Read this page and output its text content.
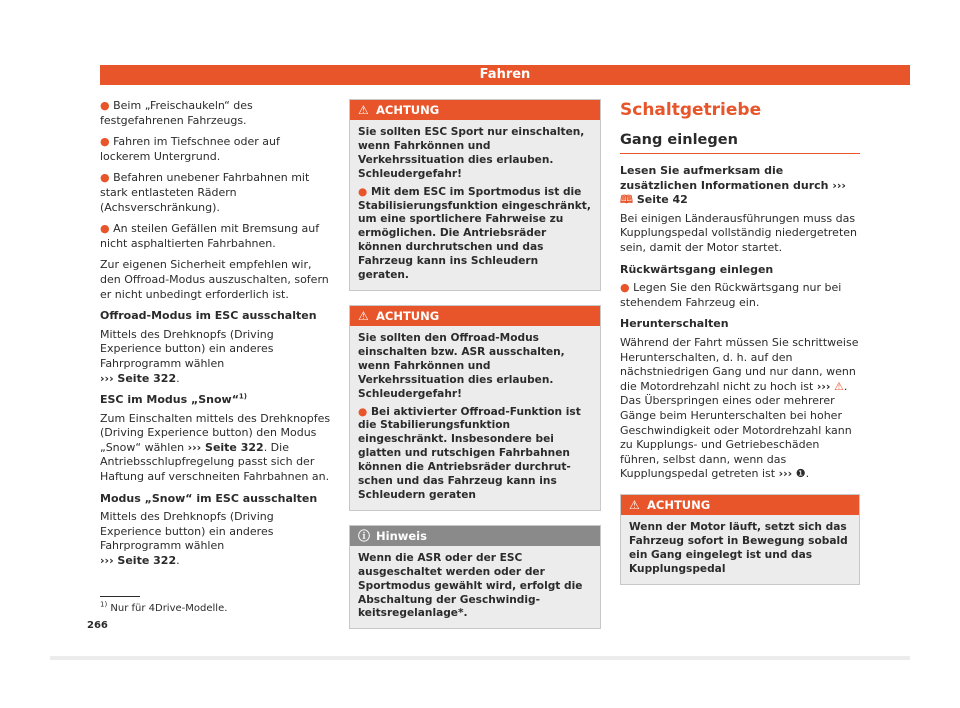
Fahren

● Beim „Freischaukeln“ des festgefahrenen Fahrzeugs.

● Fahren im Tiefschnee oder auf lockerem Untergrund.

● Befahren unebener Fahrbahnen mit stark entlasteten Rädern (Achsverschränkung).

● An steilen Gefällen mit Bremsung auf nicht asphaltierten Fahrbahnen.

Zur eigenen Sicherheit empfehlen wir, den Offroad-Modus auszuschalten, sofern er nicht unbedingt erforderlich ist.

Offroad-Modus im ESC ausschalten

Mittels des Drehknopfs (Driving Experience button) ein anderes Fahrprogramm wählen
››› Seite 322.

ESC im Modus „Snow“$^{1)}$

Zum Einschalten mittels des Drehknopfes (Driving Experience button) den Modus „Snow“ wählen ››› Seite 322. Die Antriebsschlupfregelung passt sich der Haftung auf verschneiten Fahrbahnen an.

Modus „Snow“ im ESC ausschalten

Mittels des Drehknopfs (Driving Experience button) ein anderes Fahrprogramm wählen
››› Seite 322.

⚠ ACHTUNG

Sie sollten ESC Sport nur einschalten, wenn Fahrkönnen und Verkehrssituation dies erlauben. Schleudergefahr!

● Mit dem ESC im Sportmodus ist die Stabilisierungsfunktion eingeschränkt, um eine sportlichere Fahrweise zu ermöglichen. Die Antriebsräder können durchrutschen und das Fahrzeug kann ins Schleudern geraten.

⚠ ACHTUNG

Sie sollten den Offroad-Modus einschalten bzw. ASR ausschalten, wenn Fahrkönnen und Verkehrssituation dies erlauben. Schleudergefahr!

● Bei aktivierter Offroad-Funktion ist die Stabilierungsfunktion eingeschränkt. Insbesondere bei glatten und rutschigen Fahrbahnen können die Antriebsräder durchrutschen und das Fahrzeug kann ins Schleudern geraten

ⓘ Hinweis

Wenn die ASR oder der ESC ausgeschaltet werden oder der Sportmodus gewählt wird, erfolgt die Abschaltung der Geschwindigkeitsregelanlage*.

Schaltgetriebe
Gang einlegen

Lesen Sie aufmerksam die zusätzlichen Informationen durch ››› 🕮 Seite 42

Bei einigen Länderausführungen muss das Kupplungspedal vollständig niedergetreten sein, damit der Motor startet.

Rückwärtsgang einlegen

● Legen Sie den Rückwärtsgang nur bei stehendem Fahrzeug ein.

Herunterschalten

Während der Fahrt müssen Sie schrittweise Herunterschalten, d. h. auf den nächstniedrigen Gang und nur dann, wenn die Motordrehzahl nicht zu hoch ist ››› ⚠. Das Überspringen eines oder mehrerer Gänge beim Herunterschalten bei hoher Geschwindigkeit oder Motordrehzahl kann zu Kupplungs- und Getriebeschäden führen, selbst dann, wenn das Kupplungspedal getreten ist ››› ❶.

⚠ ACHTUNG

Wenn der Motor läuft, setzt sich das Fahrzeug sofort in Bewegung sobald ein Gang eingelegt ist und das Kupplungspedal

$^{1)}$ Nur für 4Drive-Modelle.
266
